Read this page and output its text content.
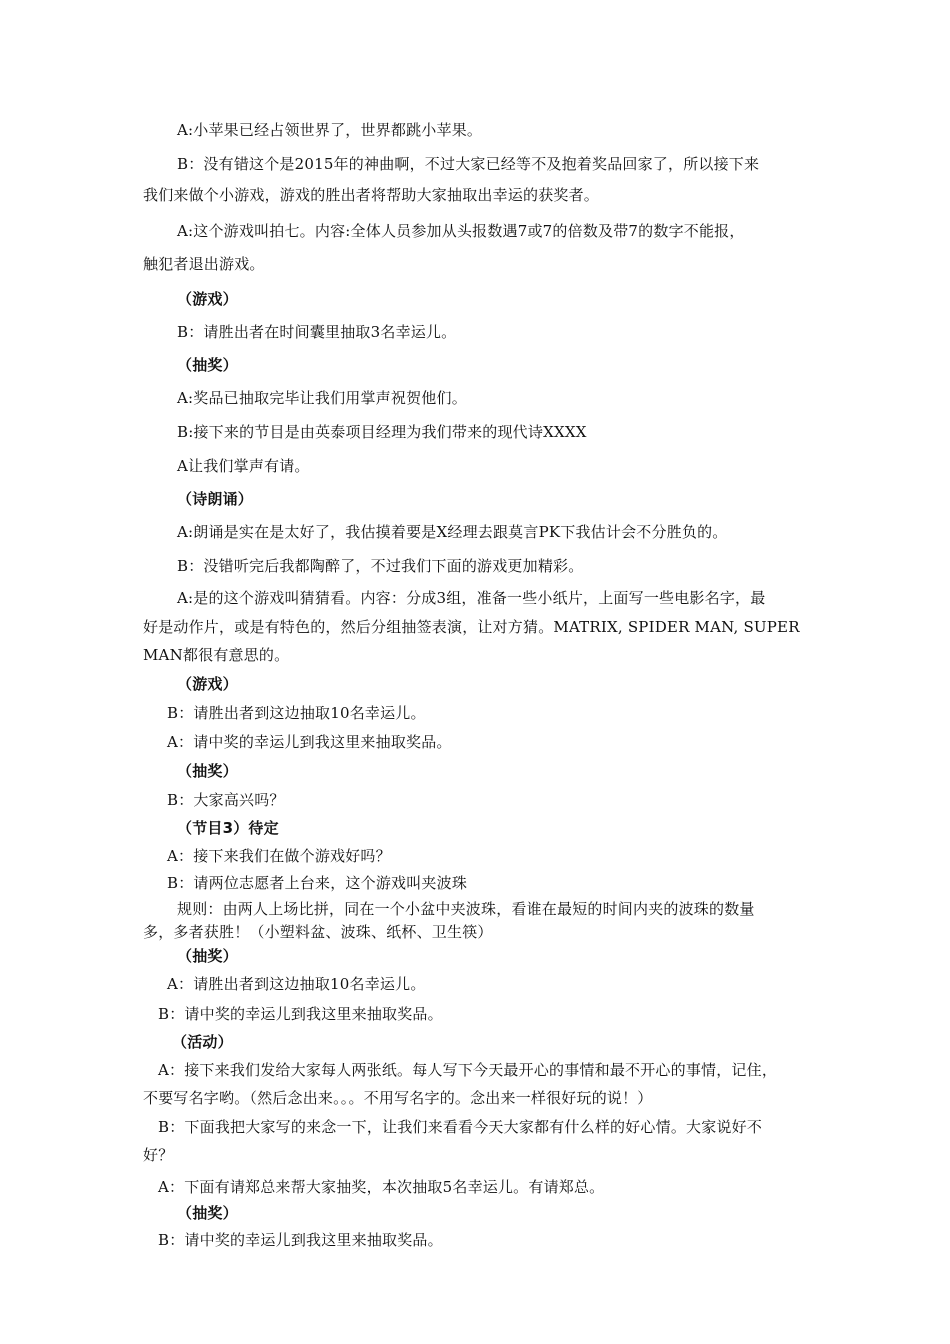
A:小苹果已经占领世界了，世界都跳小苹果。
B：没有错这个是2015年的神曲啊，不过大家已经等不及抱着奖品回家了，所以接下来
我们来做个小游戏，游戏的胜出者将帮助大家抽取出幸运的获奖者。
A:这个游戏叫拍七。内容:全体人员参加从头报数遇7或7的倍数及带7的数字不能报，
触犯者退出游戏。
（游戏）
B：请胜出者在时间囊里抽取3名幸运儿。
（抽奖）
A:奖品已抽取完毕让我们用掌声祝贺他们。
B:接下来的节目是由英泰项目经理为我们带来的现代诗XXXX
A让我们掌声有请。
（诗朗诵）
A:朗诵是实在是太好了，我估摸着要是X经理去跟莫言PK下我估计会不分胜负的。
B：没错听完后我都陶醉了，不过我们下面的游戏更加精彩。
A:是的这个游戏叫猜猜看。内容：分成3组，准备一些小纸片，上面写一些电影名字，最
好是动作片，或是有特色的，然后分组抽签表演，让对方猜。MATRIX, SPIDER MAN, SUPER
MAN都很有意思的。
（游戏）
B：请胜出者到这边抽取10名幸运儿。
A：请中奖的幸运儿到我这里来抽取奖品。
（抽奖）
B：大家高兴吗？
（节目3）待定
A：接下来我们在做个游戏好吗？
B：请两位志愿者上台来，这个游戏叫夹波珠
规则：由两人上场比拼，同在一个小盆中夹波珠，看谁在最短的时间内夹的波珠的数量
多，多者获胜！（小塑料盆、波珠、纸杯、卫生筷）
（抽奖）
A：请胜出者到这边抽取10名幸运儿。
B：请中奖的幸运儿到我这里来抽取奖品。
（活动）
A：接下来我们发给大家每人两张纸。每人写下今天最开心的事情和最不开心的事情，记住，
不要写名字哟。（然后念出来。。。不用写名字的。念出来一样很好玩的说！）
B：下面我把大家写的来念一下，让我们来看看今天大家都有什么样的好心情。大家说好不
好？
A：下面有请郑总来帮大家抽奖，本次抽取5名幸运儿。有请郑总。
（抽奖）
B：请中奖的幸运儿到我这里来抽取奖品。
